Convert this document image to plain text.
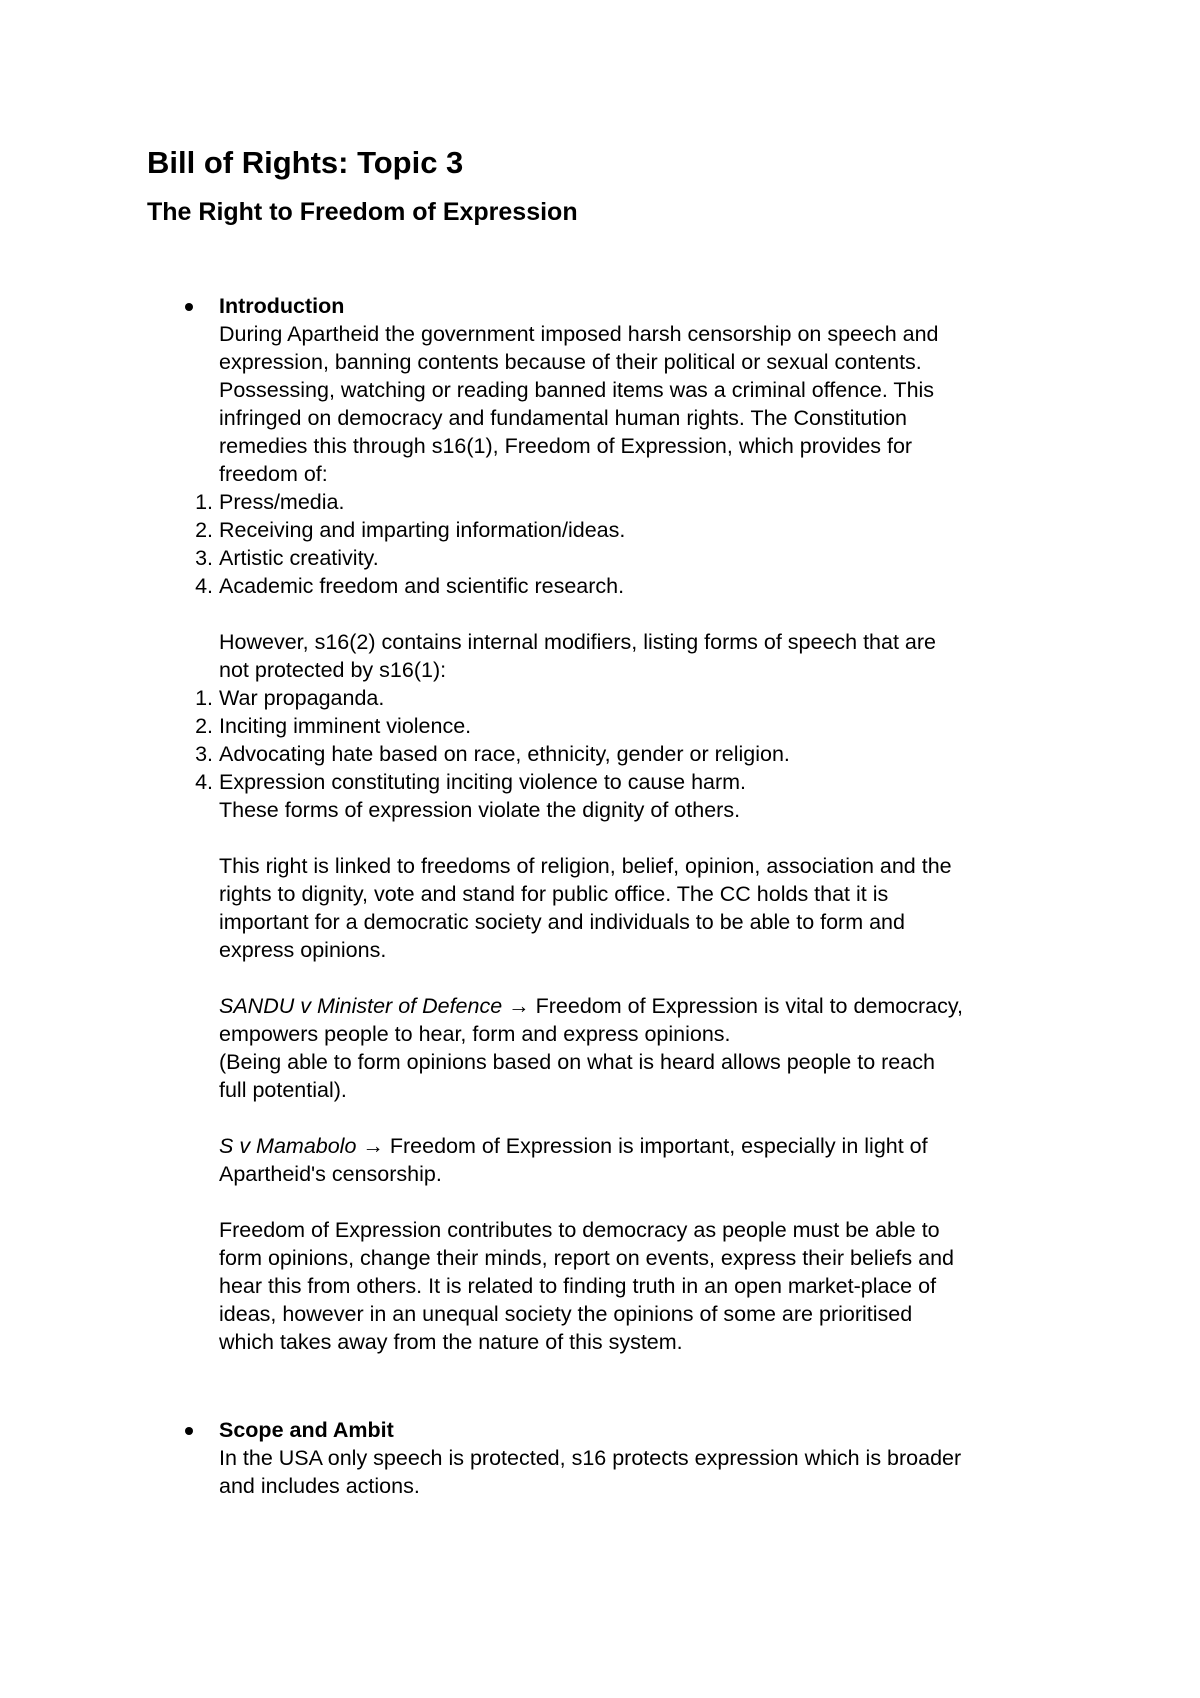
Bill of Rights: Topic 3
The Right to Freedom of Expression
Introduction
During Apartheid the government imposed harsh censorship on speech and
expression, banning contents because of their political or sexual contents.
Possessing, watching or reading banned items was a criminal offence. This
infringed on democracy and fundamental human rights. The Constitution
remedies this through s16(1), Freedom of Expression, which provides for
freedom of:
1. Press/media.
2. Receiving and imparting information/ideas.
3. Artistic creativity.
4. Academic freedom and scientific research.
However, s16(2) contains internal modifiers, listing forms of speech that are
not protected by s16(1):
1. War propaganda.
2. Inciting imminent violence.
3. Advocating hate based on race, ethnicity, gender or religion.
4. Expression constituting inciting violence to cause harm.
These forms of expression violate the dignity of others.
This right is linked to freedoms of religion, belief, opinion, association and the
rights to dignity, vote and stand for public office. The CC holds that it is
important for a democratic society and individuals to be able to form and
express opinions.
SANDU v Minister of Defence → Freedom of Expression is vital to democracy,
empowers people to hear, form and express opinions.
(Being able to form opinions based on what is heard allows people to reach
full potential).
S v Mamabolo → Freedom of Expression is important, especially in light of
Apartheid's censorship.
Freedom of Expression contributes to democracy as people must be able to
form opinions, change their minds, report on events, express their beliefs and
hear this from others. It is related to finding truth in an open market-place of
ideas, however in an unequal society the opinions of some are prioritised
which takes away from the nature of this system.
Scope and Ambit
In the USA only speech is protected, s16 protects expression which is broader
and includes actions.
